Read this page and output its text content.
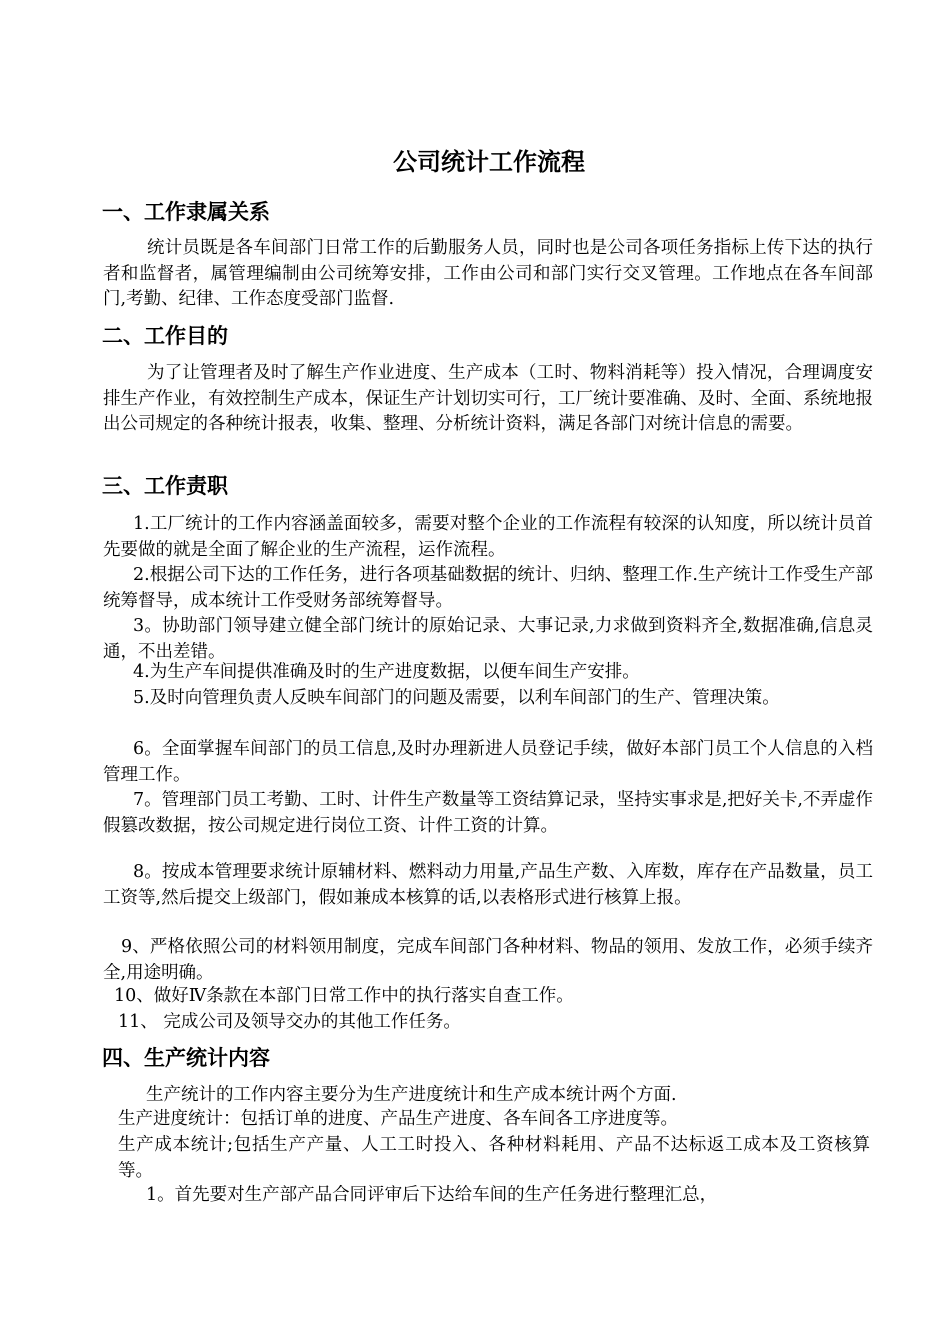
公司统计工作流程
一、工作隶属关系

统计员既是各车间部门日常工作的后勤服务人员，同时也是公司各项任务指标上传下达的执行者和监督者，属管理编制由公司统筹安排，工作由公司和部门实行交叉管理。工作地点在各车间部门,考勤、纪律、工作态度受部门监督.

二、工作目的

为了让管理者及时了解生产作业进度、生产成本（工时、物料消耗等）投入情况，合理调度安排生产作业，有效控制生产成本，保证生产计划切实可行，工厂统计要准确、及时、全面、系统地报出公司规定的各种统计报表，收集、整理、分析统计资料，满足各部门对统计信息的需要。

三、工作责职

1.工厂统计的工作内容涵盖面较多，需要对整个企业的工作流程有较深的认知度，所以统计员首先要做的就是全面了解企业的生产流程，运作流程。

2.根据公司下达的工作任务，进行各项基础数据的统计、归纳、整理工作.生产统计工作受生产部统筹督导，成本统计工作受财务部统筹督导。

3。协助部门领导建立健全部门统计的原始记录、大事记录,力求做到资料齐全,数据准确,信息灵通，不出差错。

4.为生产车间提供准确及时的生产进度数据，以便车间生产安排。

5.及时向管理负责人反映车间部门的问题及需要，以利车间部门的生产、管理决策。

6。全面掌握车间部门的员工信息,及时办理新进人员登记手续，做好本部门员工个人信息的入档管理工作。

7。管理部门员工考勤、工时、计件生产数量等工资结算记录，坚持实事求是,把好关卡,不弄虚作假篡改数据，按公司规定进行岗位工资、计件工资的计算。

8。按成本管理要求统计原辅材料、燃料动力用量,产品生产数、入库数，库存在产品数量，员工工资等,然后提交上级部门，假如兼成本核算的话,以表格形式进行核算上报。

9、严格依照公司的材料领用制度，完成车间部门各种材料、物品的领用、发放工作，必须手续齐全,用途明确。

10、做好Ⅳ条款在本部门日常工作中的执行落实自查工作。

11、 完成公司及领导交办的其他工作任务。

四、生产统计内容

生产统计的工作内容主要分为生产进度统计和生产成本统计两个方面.

生产进度统计：包括订单的进度、产品生产进度、各车间各工序进度等。

生产成本统计;包括生产产量、人工工时投入、各种材料耗用、产品不达标返工成本及工资核算等。

1。首先要对生产部产品合同评审后下达给车间的生产任务进行整理汇总，
